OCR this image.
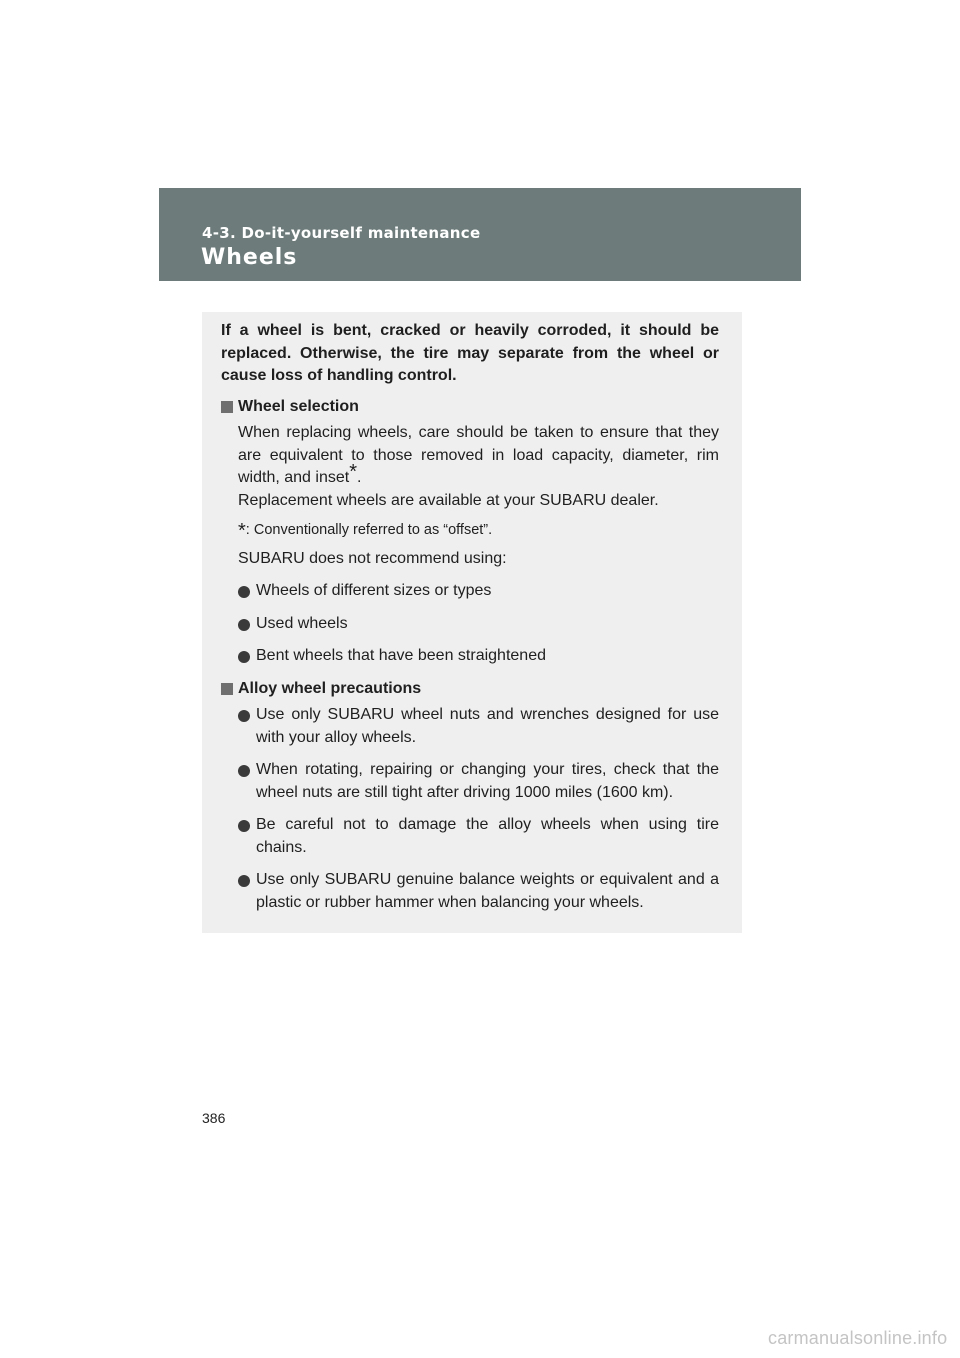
4-3. Do-it-yourself maintenance
Wheels

If a wheel is bent, cracked or heavily corroded, it should be replaced. Otherwise, the tire may separate from the wheel or cause loss of handling control.

Wheel selection

When replacing wheels, care should be taken to ensure that they are equivalent to those removed in load capacity, diameter, rim width, and inset*.

Replacement wheels are available at your SUBARU dealer.

*: Conventionally referred to as “offset”.

SUBARU does not recommend using:

Wheels of different sizes or types
Used wheels
Bent wheels that have been straightened
Alloy wheel precautions
Use only SUBARU wheel nuts and wrenches designed for use with your alloy wheels.
When rotating, repairing or changing your tires, check that the wheel nuts are still tight after driving 1000 miles (1600 km).
Be careful not to damage the alloy wheels when using tire chains.
Use only SUBARU genuine balance weights or equivalent and a plastic or rubber hammer when balancing your wheels.
386
carmanualsonline.info
